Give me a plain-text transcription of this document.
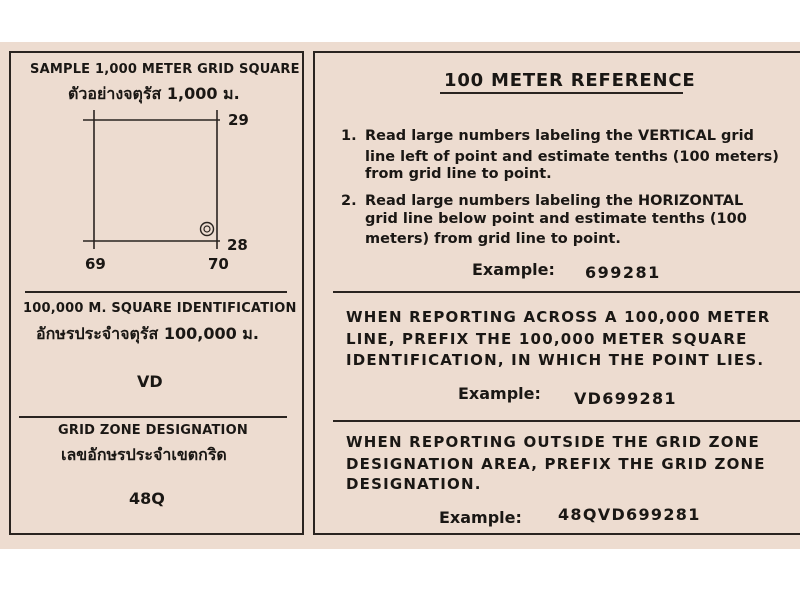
SAMPLE 1,000 METER GRID SQUARE
ตัวอย่างจตุรัส 1,000 ม.
29
28
69	70
100,000 M. SQUARE IDENTIFICATION
อักษรประจำจตุรัส 100,000 ม.
VD
GRID ZONE DESIGNATION
เลขอักษรประจำเขตกริด
48Q
100 METER REFERENCE
1. Read large numbers labeling the VERTICAL grid
line left of point and estimate tenths (100 meters)
from grid line to point.
2. Read large numbers labeling the HORIZONTAL
grid line below point and estimate tenths (100
meters) from grid line to point.
Example: 699281
WHEN REPORTING ACROSS A 100,000 METER
LINE, PREFIX THE 100,000 METER SQUARE
IDENTIFICATION, IN WHICH THE POINT LIES.
Example: VD699281
WHEN REPORTING OUTSIDE THE GRID ZONE
DESIGNATION AREA, PREFIX THE GRID ZONE
DESIGNATION.
Example: 48QVD699281
